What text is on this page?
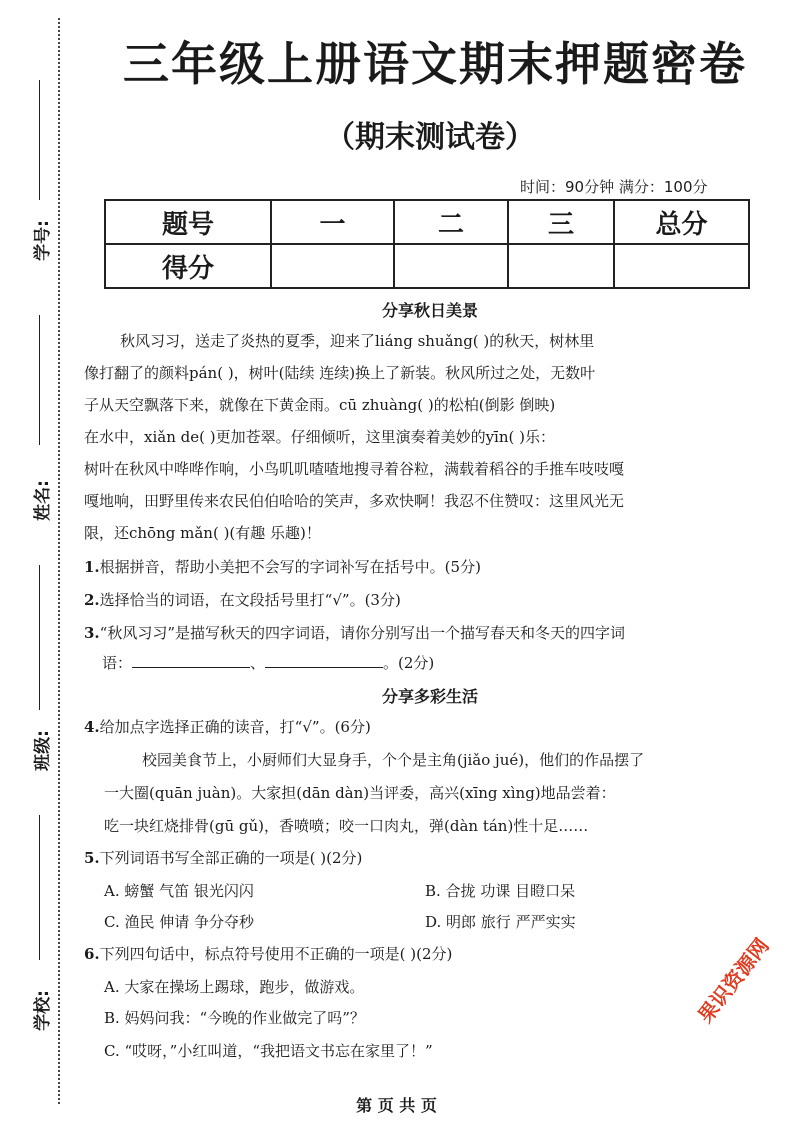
学号:
姓名:
班级:
学校:
三年级上册语文期末押题密卷
（期末测试卷）
时间：90分钟 满分：100分
题号	一	二	三	总分
得分				
分享秋日美景
秋风习习，送走了炎热的夏季，迎来了liáng shuǎng( )的秋天，树林里
像打翻了的颜料pán( )，树叶(陆续 连续)换上了新装。秋风所过之处，无数叶
子从天空飘落下来，就像在下黄金雨。cū zhuàng( )的松柏(倒影 倒映)
在水中，xiǎn de( )更加苍翠。仔细倾听，这里演奏着美妙的yīn( )乐：
树叶在秋风中哗哗作响，小鸟叽叽喳喳地搜寻着谷粒，满载着稻谷的手推车吱吱嘎
嘎地响，田野里传来农民伯伯哈哈的笑声，多欢快啊！我忍不住赞叹：这里风光无
限，还chōng mǎn( )(有趣 乐趣)！
1.根据拼音，帮助小美把不会写的字词补写在括号中。(5分)
2.选择恰当的词语，在文段括号里打“√”。(3分)
3.“秋风习习”是描写秋天的四字词语，请你分别写出一个描写春天和冬天的四字词
语：	、	。(2分)
分享多彩生活
4.给加点字选择正确的读音，打“√”。(6分)
校园美食节上，小厨师们大显身手，个个是主角(jiǎo jué)，他们的作品摆了
一大圈(quān juàn)。大家担(dān dàn)当评委，高兴(xīng xìng)地品尝着：
吃一块红烧排骨(gū gǔ)，香喷喷；咬一口肉丸，弹(dàn tán)性十足……
5.下列词语书写全部正确的一项是( )(2分)
A. 螃蟹 气笛 银光闪闪	B. 合拢 功课 目瞪口呆
C. 渔民 伸请 争分夺秒	D. 明郎 旅行 严严实实
6.下列四句话中，标点符号使用不正确的一项是( )(2分)
A. 大家在操场上踢球，跑步，做游戏。
B. 妈妈问我：“今晚的作业做完了吗”？
C. “哎呀，”小红叫道，“我把语文书忘在家里了！”
第 页 共 页
果识资源网
